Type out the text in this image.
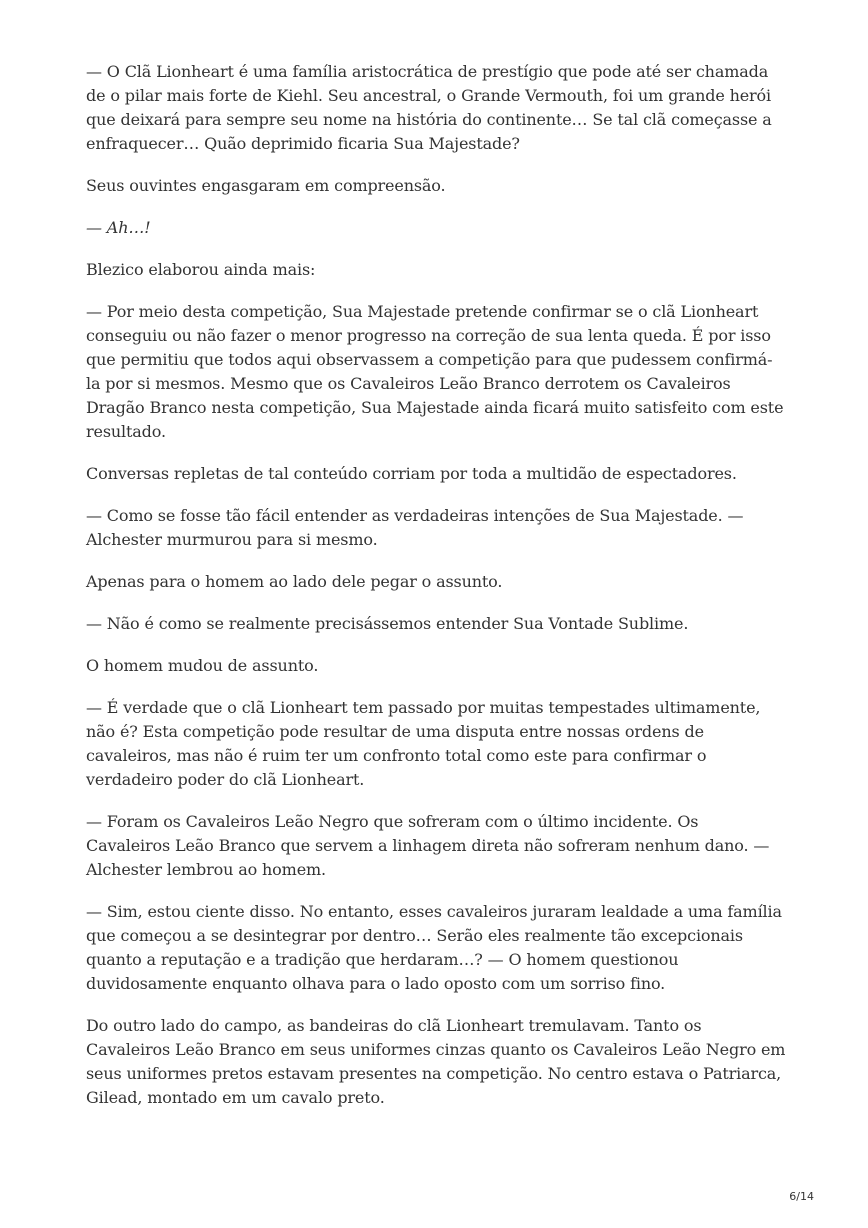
— O Clã Lionheart é uma família aristocrática de prestígio que pode até ser chamada de o pilar mais forte de Kiehl. Seu ancestral, o Grande Vermouth, foi um grande herói que deixará para sempre seu nome na história do continente… Se tal clã começasse a enfraquecer… Quão deprimido ficaria Sua Majestade?

Seus ouvintes engasgaram em compreensão.

— Ah…!

Blezico elaborou ainda mais:

— Por meio desta competição, Sua Majestade pretende confirmar se o clã Lionheart conseguiu ou não fazer o menor progresso na correção de sua lenta queda. É por isso que permitiu que todos aqui observassem a competição para que pudessem confirmá-la por si mesmos. Mesmo que os Cavaleiros Leão Branco derrotem os Cavaleiros Dragão Branco nesta competição, Sua Majestade ainda ficará muito satisfeito com este resultado.

Conversas repletas de tal conteúdo corriam por toda a multidão de espectadores.

— Como se fosse tão fácil entender as verdadeiras intenções de Sua Majestade. — Alchester murmurou para si mesmo.

Apenas para o homem ao lado dele pegar o assunto.

— Não é como se realmente precisássemos entender Sua Vontade Sublime.

O homem mudou de assunto.

— É verdade que o clã Lionheart tem passado por muitas tempestades ultimamente, não é? Esta competição pode resultar de uma disputa entre nossas ordens de cavaleiros, mas não é ruim ter um confronto total como este para confirmar o verdadeiro poder do clã Lionheart.

— Foram os Cavaleiros Leão Negro que sofreram com o último incidente. Os Cavaleiros Leão Branco que servem a linhagem direta não sofreram nenhum dano. — Alchester lembrou ao homem.

— Sim, estou ciente disso. No entanto, esses cavaleiros juraram lealdade a uma família que começou a se desintegrar por dentro… Serão eles realmente tão excepcionais quanto a reputação e a tradição que herdaram…? — O homem questionou duvidosamente enquanto olhava para o lado oposto com um sorriso fino.

Do outro lado do campo, as bandeiras do clã Lionheart tremulavam. Tanto os Cavaleiros Leão Branco em seus uniformes cinzas quanto os Cavaleiros Leão Negro em seus uniformes pretos estavam presentes na competição. No centro estava o Patriarca, Gilead, montado em um cavalo preto.

6/14
